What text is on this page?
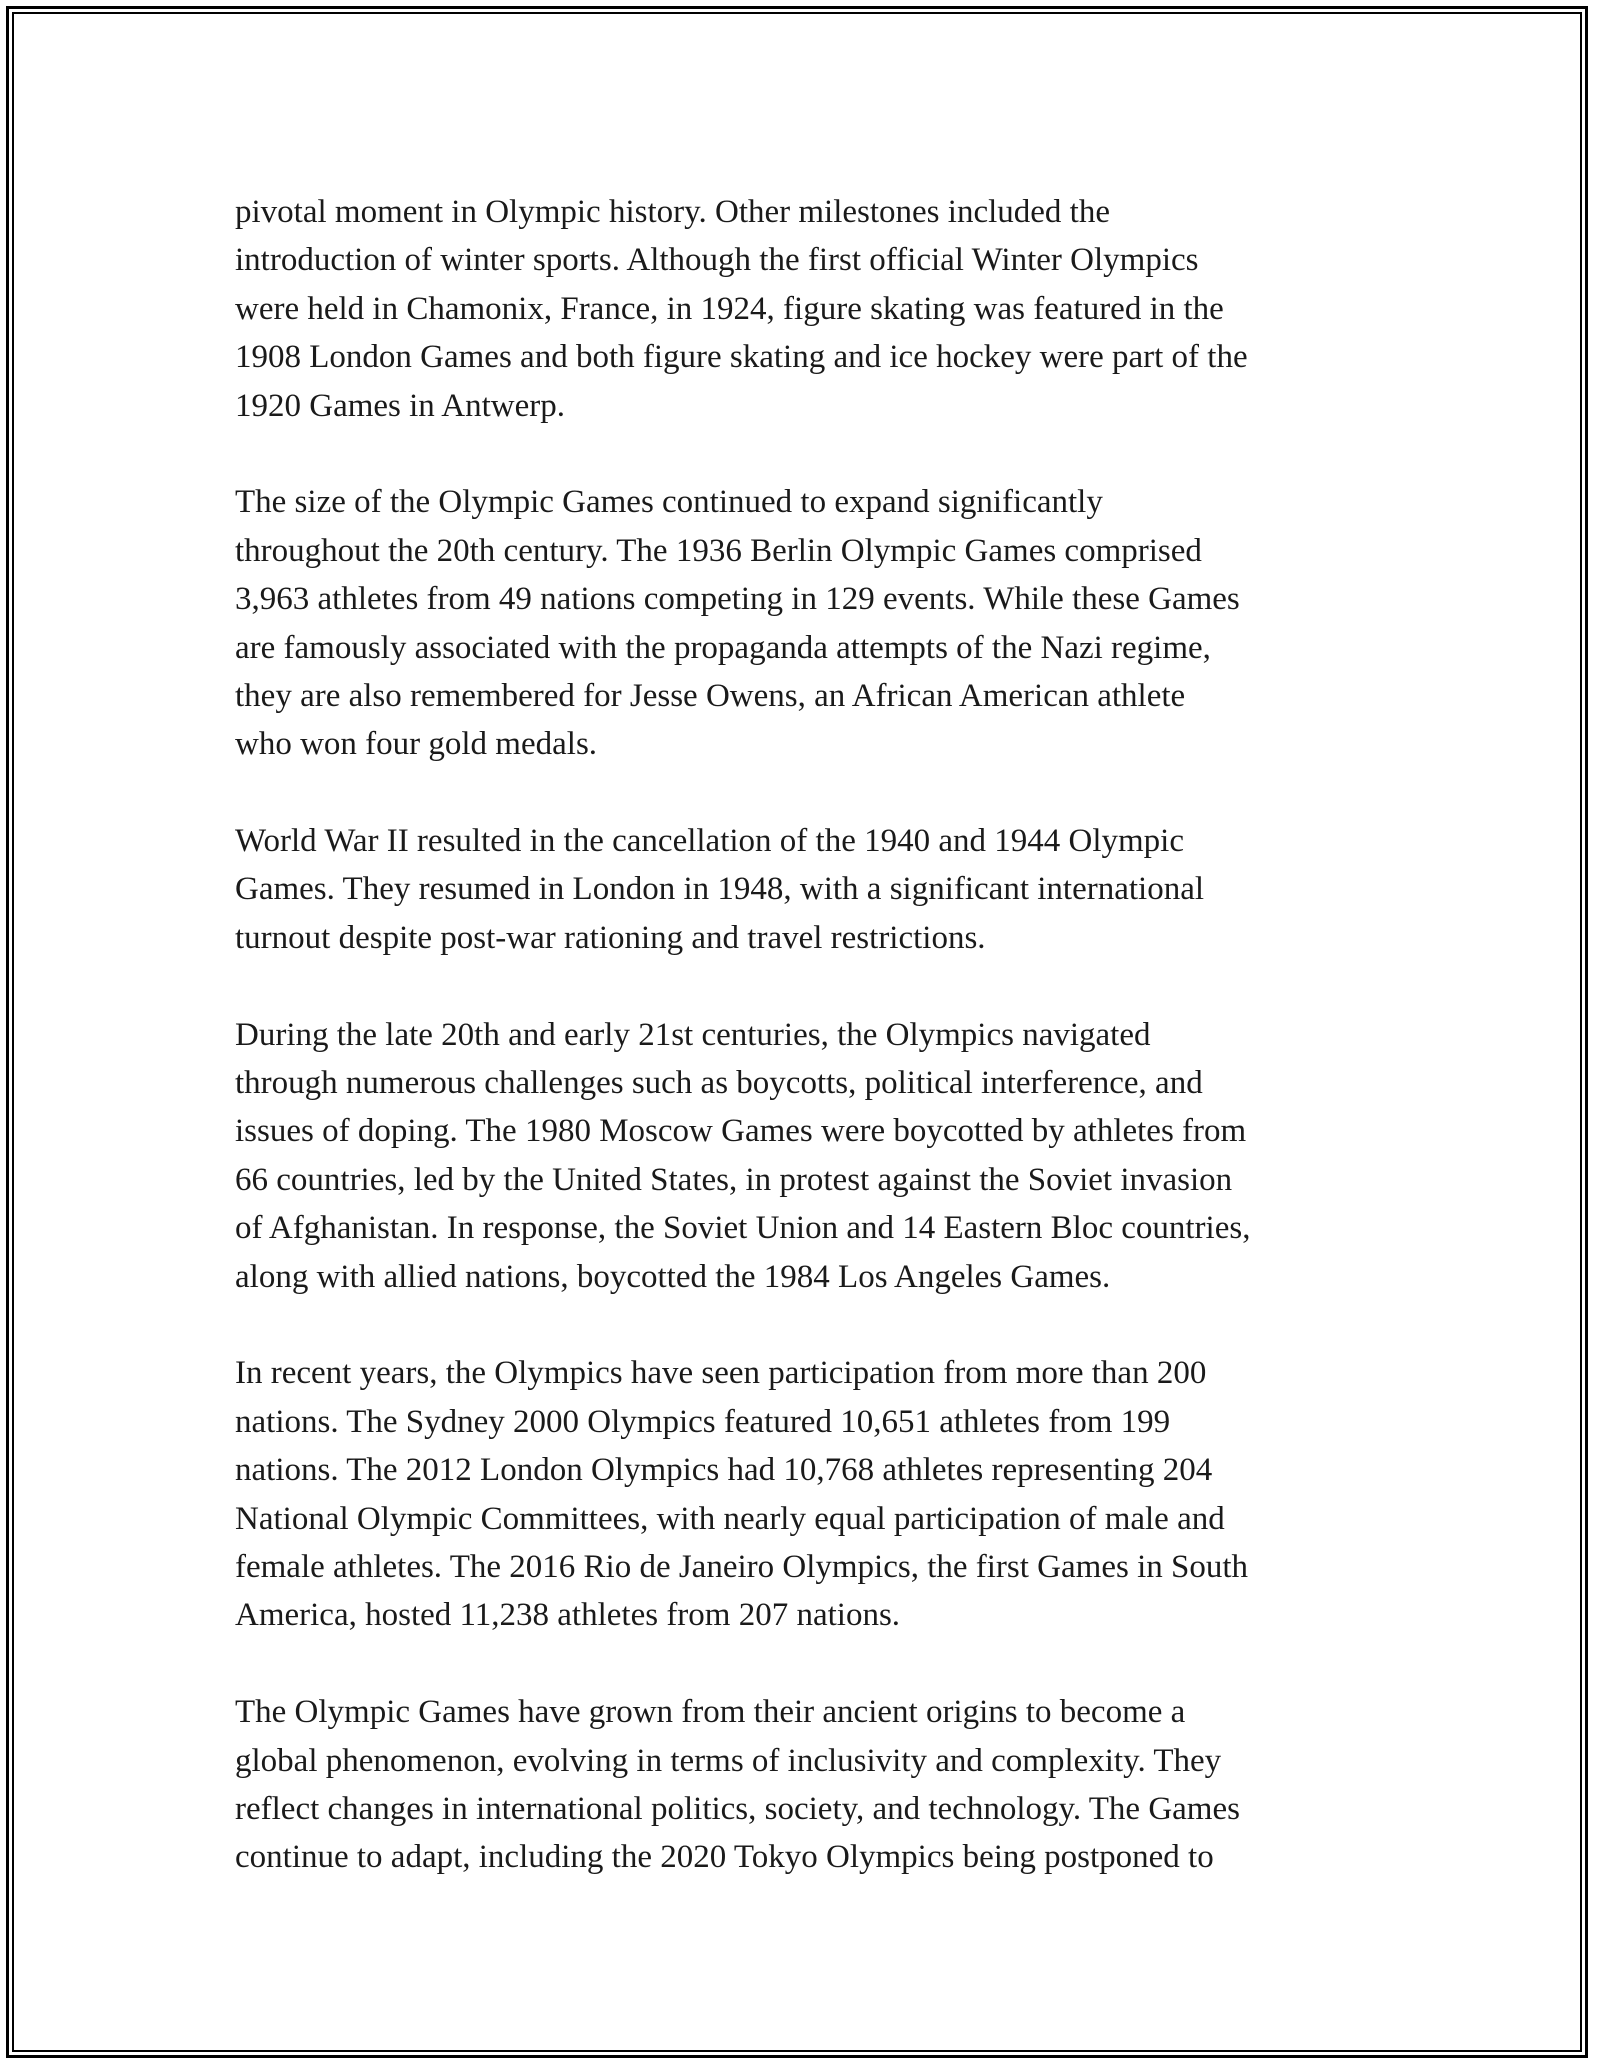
pivotal moment in Olympic history. Other milestones included the
introduction of winter sports. Although the first official Winter Olympics
were held in Chamonix, France, in 1924, figure skating was featured in the
1908 London Games and both figure skating and ice hockey were part of the
1920 Games in Antwerp.

The size of the Olympic Games continued to expand significantly
throughout the 20th century. The 1936 Berlin Olympic Games comprised
3,963 athletes from 49 nations competing in 129 events. While these Games
are famously associated with the propaganda attempts of the Nazi regime,
they are also remembered for Jesse Owens, an African American athlete
who won four gold medals.

World War II resulted in the cancellation of the 1940 and 1944 Olympic
Games. They resumed in London in 1948, with a significant international
turnout despite post-war rationing and travel restrictions.

During the late 20th and early 21st centuries, the Olympics navigated
through numerous challenges such as boycotts, political interference, and
issues of doping. The 1980 Moscow Games were boycotted by athletes from
66 countries, led by the United States, in protest against the Soviet invasion
of Afghanistan. In response, the Soviet Union and 14 Eastern Bloc countries,
along with allied nations, boycotted the 1984 Los Angeles Games.

In recent years, the Olympics have seen participation from more than 200
nations. The Sydney 2000 Olympics featured 10,651 athletes from 199
nations. The 2012 London Olympics had 10,768 athletes representing 204
National Olympic Committees, with nearly equal participation of male and
female athletes. The 2016 Rio de Janeiro Olympics, the first Games in South
America, hosted 11,238 athletes from 207 nations.

The Olympic Games have grown from their ancient origins to become a
global phenomenon, evolving in terms of inclusivity and complexity. They
reflect changes in international politics, society, and technology. The Games
continue to adapt, including the 2020 Tokyo Olympics being postponed to
